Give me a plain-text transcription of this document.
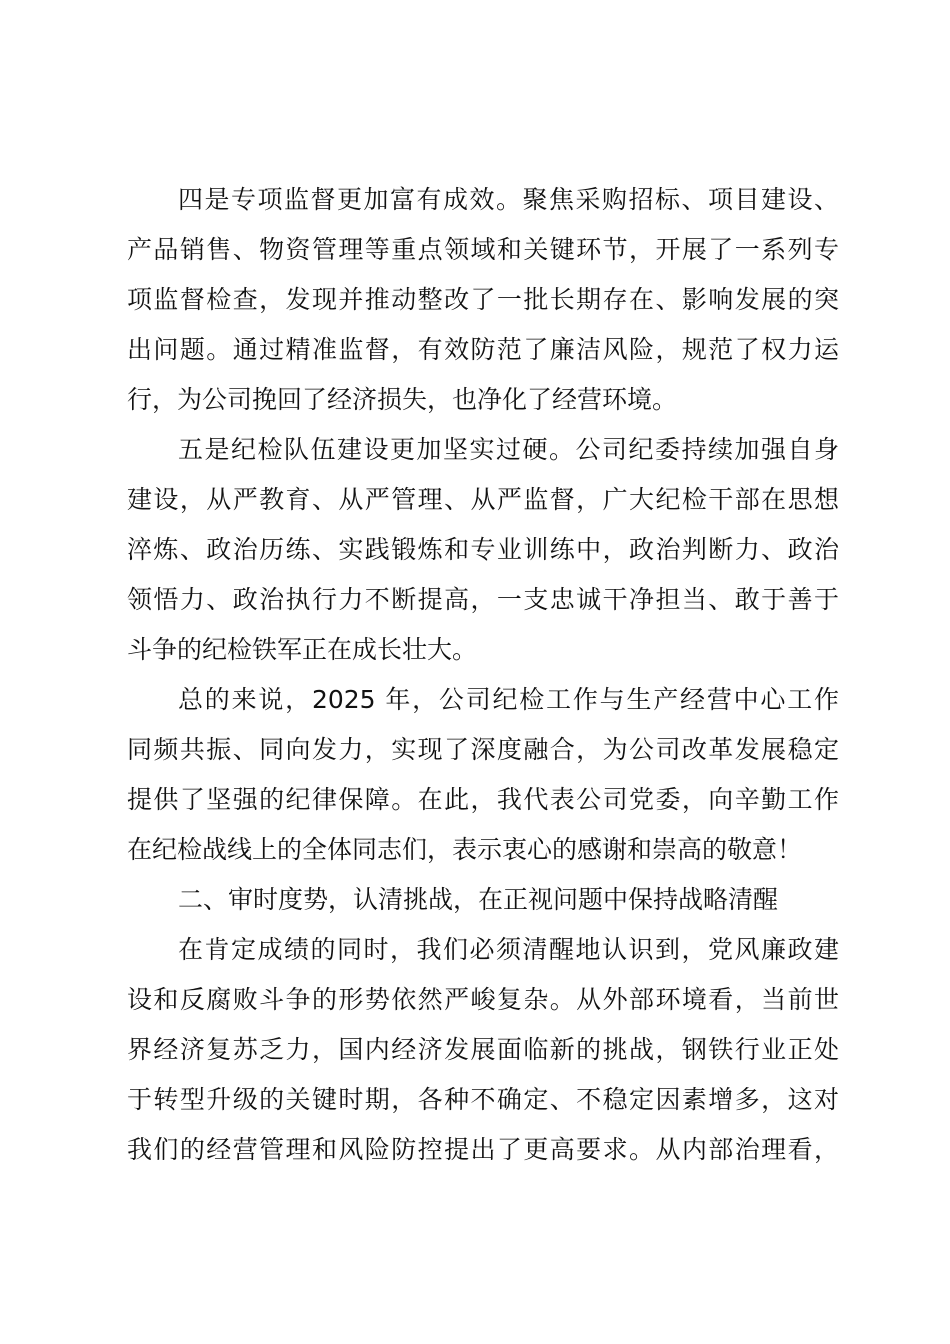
四是专项监督更加富有成效。聚焦采购招标、项目建设、
产品销售、物资管理等重点领域和关键环节，开展了一系列专
项监督检查，发现并推动整改了一批长期存在、影响发展的突
出问题。通过精准监督，有效防范了廉洁风险，规范了权力运
行，为公司挽回了经济损失，也净化了经营环境。
五是纪检队伍建设更加坚实过硬。公司纪委持续加强自身
建设，从严教育、从严管理、从严监督，广大纪检干部在思想
淬炼、政治历练、实践锻炼和专业训练中，政治判断力、政治
领悟力、政治执行力不断提高，一支忠诚干净担当、敢于善于
斗争的纪检铁军正在成长壮大。
总的来说，2025 年，公司纪检工作与生产经营中心工作
同频共振、同向发力，实现了深度融合，为公司改革发展稳定
提供了坚强的纪律保障。在此，我代表公司党委，向辛勤工作
在纪检战线上的全体同志们，表示衷心的感谢和崇高的敬意！
二、审时度势，认清挑战，在正视问题中保持战略清醒
在肯定成绩的同时，我们必须清醒地认识到，党风廉政建
设和反腐败斗争的形势依然严峻复杂。从外部环境看，当前世
界经济复苏乏力，国内经济发展面临新的挑战，钢铁行业正处
于转型升级的关键时期，各种不确定、不稳定因素增多，这对
我们的经营管理和风险防控提出了更高要求。从内部治理看，
